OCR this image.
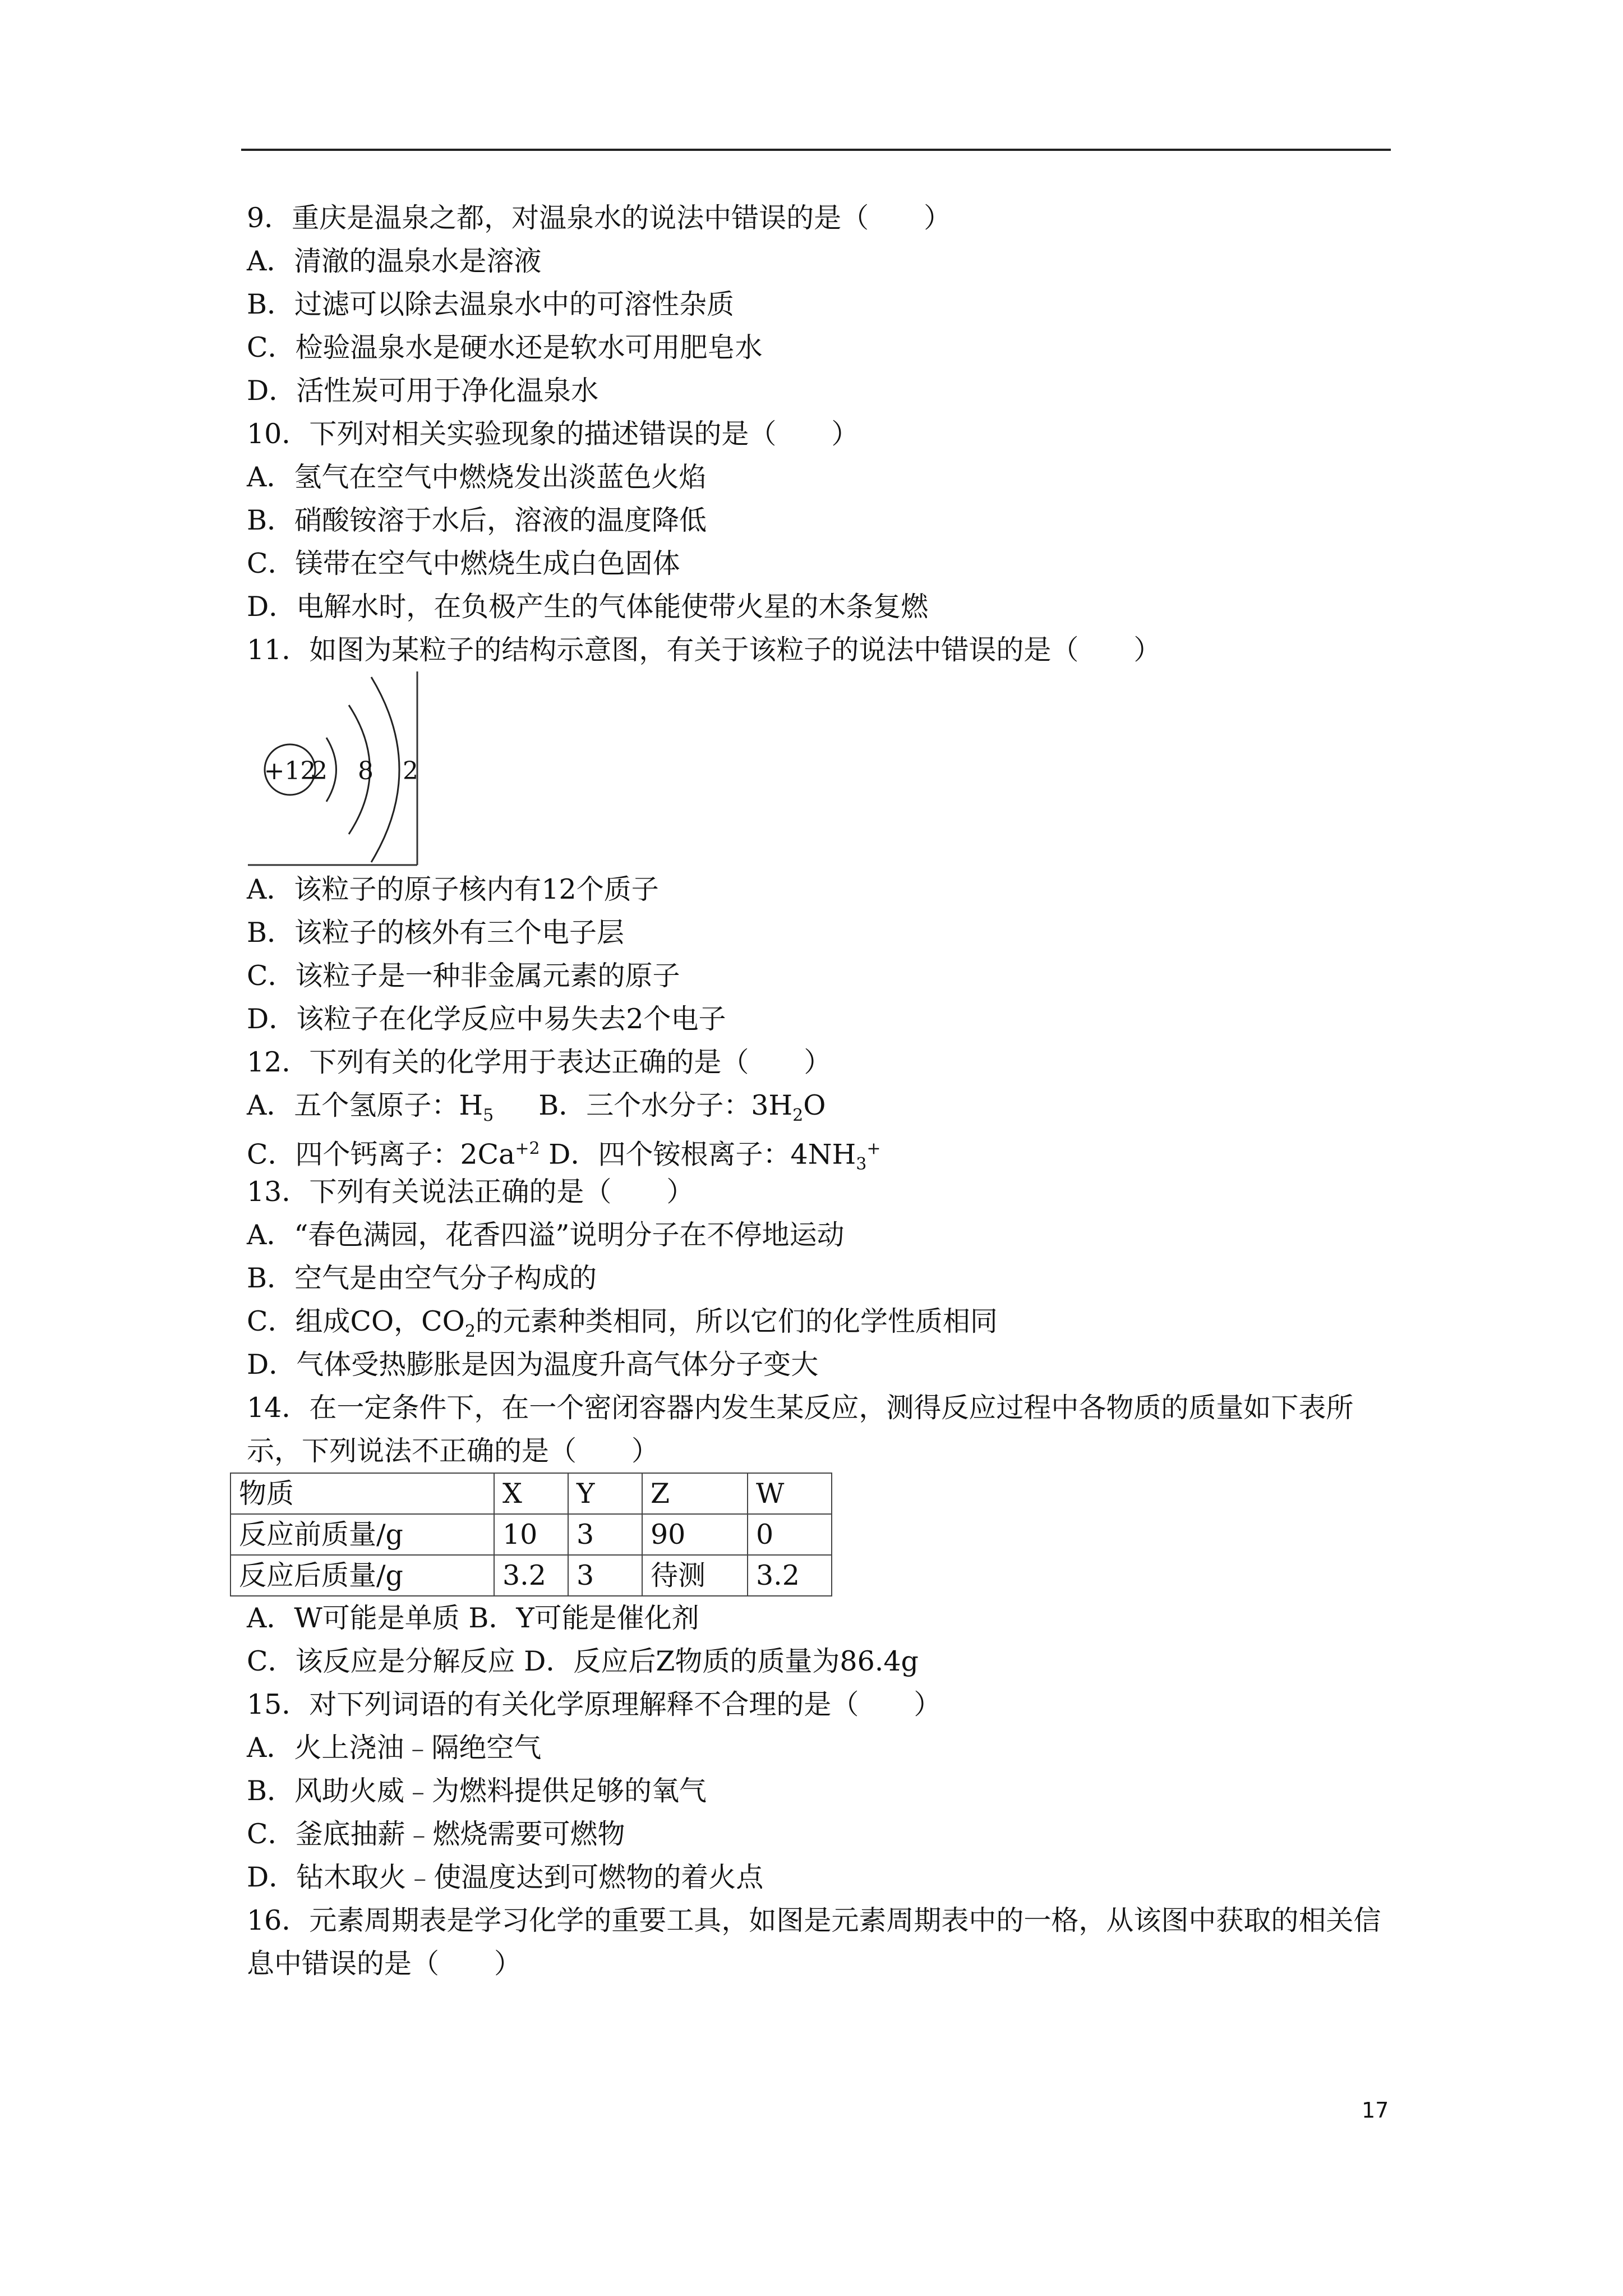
9．重庆是温泉之都，对温泉水的说法中错误的是（　　）
A．清澈的温泉水是溶液
B．过滤可以除去温泉水中的可溶性杂质
C．检验温泉水是硬水还是软水可用肥皂水
D．活性炭可用于净化温泉水
10．下列对相关实验现象的描述错误的是（　　）
A．氢气在空气中燃烧发出淡蓝色火焰
B．硝酸铵溶于水后，溶液的温度降低
C．镁带在空气中燃烧生成白色固体
D．电解水时，在负极产生的气体能使带火星的木条复燃
11．如图为某粒子的结构示意图，有关于该粒子的说法中错误的是（　　）
+12
2 8 2
A．该粒子的原子核内有12个质子
B．该粒子的核外有三个电子层
C．该粒子是一种非金属元素的原子
D．该粒子在化学反应中易失去2个电子
12．下列有关的化学用于表达正确的是（　　）
A．五个氢原子：$H_5$ B．三个水分子：$3H_2O$
C．四个钙离子：$2Ca^{+2}$ D．四个铵根离子：$4NH_3^+$
13．下列有关说法正确的是（　　）
A．“春色满园，花香四溢”说明分子在不停地运动
B．空气是由空气分子构成的
C．组成CO，$CO_2$的元素种类相同，所以它们的化学性质相同
D．气体受热膨胀是因为温度升高气体分子变大
14．在一定条件下，在一个密闭容器内发生某反应，测得反应过程中各物质的质量如下表所示，下列说法不正确的是（　　）
物质	X	Y	Z	W
反应前质量/g	10	3	90	0
反应后质量/g	3.2	3	待测	3.2
A．W可能是单质 B．Y可能是催化剂
C．该反应是分解反应 D．反应后Z物质的质量为86.4g
15．对下列词语的有关化学原理解释不合理的是（　　）
A．火上浇油﹣隔绝空气
B．风助火威﹣为燃料提供足够的氧气
C．釜底抽薪﹣燃烧需要可燃物
D．钻木取火﹣使温度达到可燃物的着火点
16．元素周期表是学习化学的重要工具，如图是元素周期表中的一格，从该图中获取的相关信息中错误的是（　　）
17
